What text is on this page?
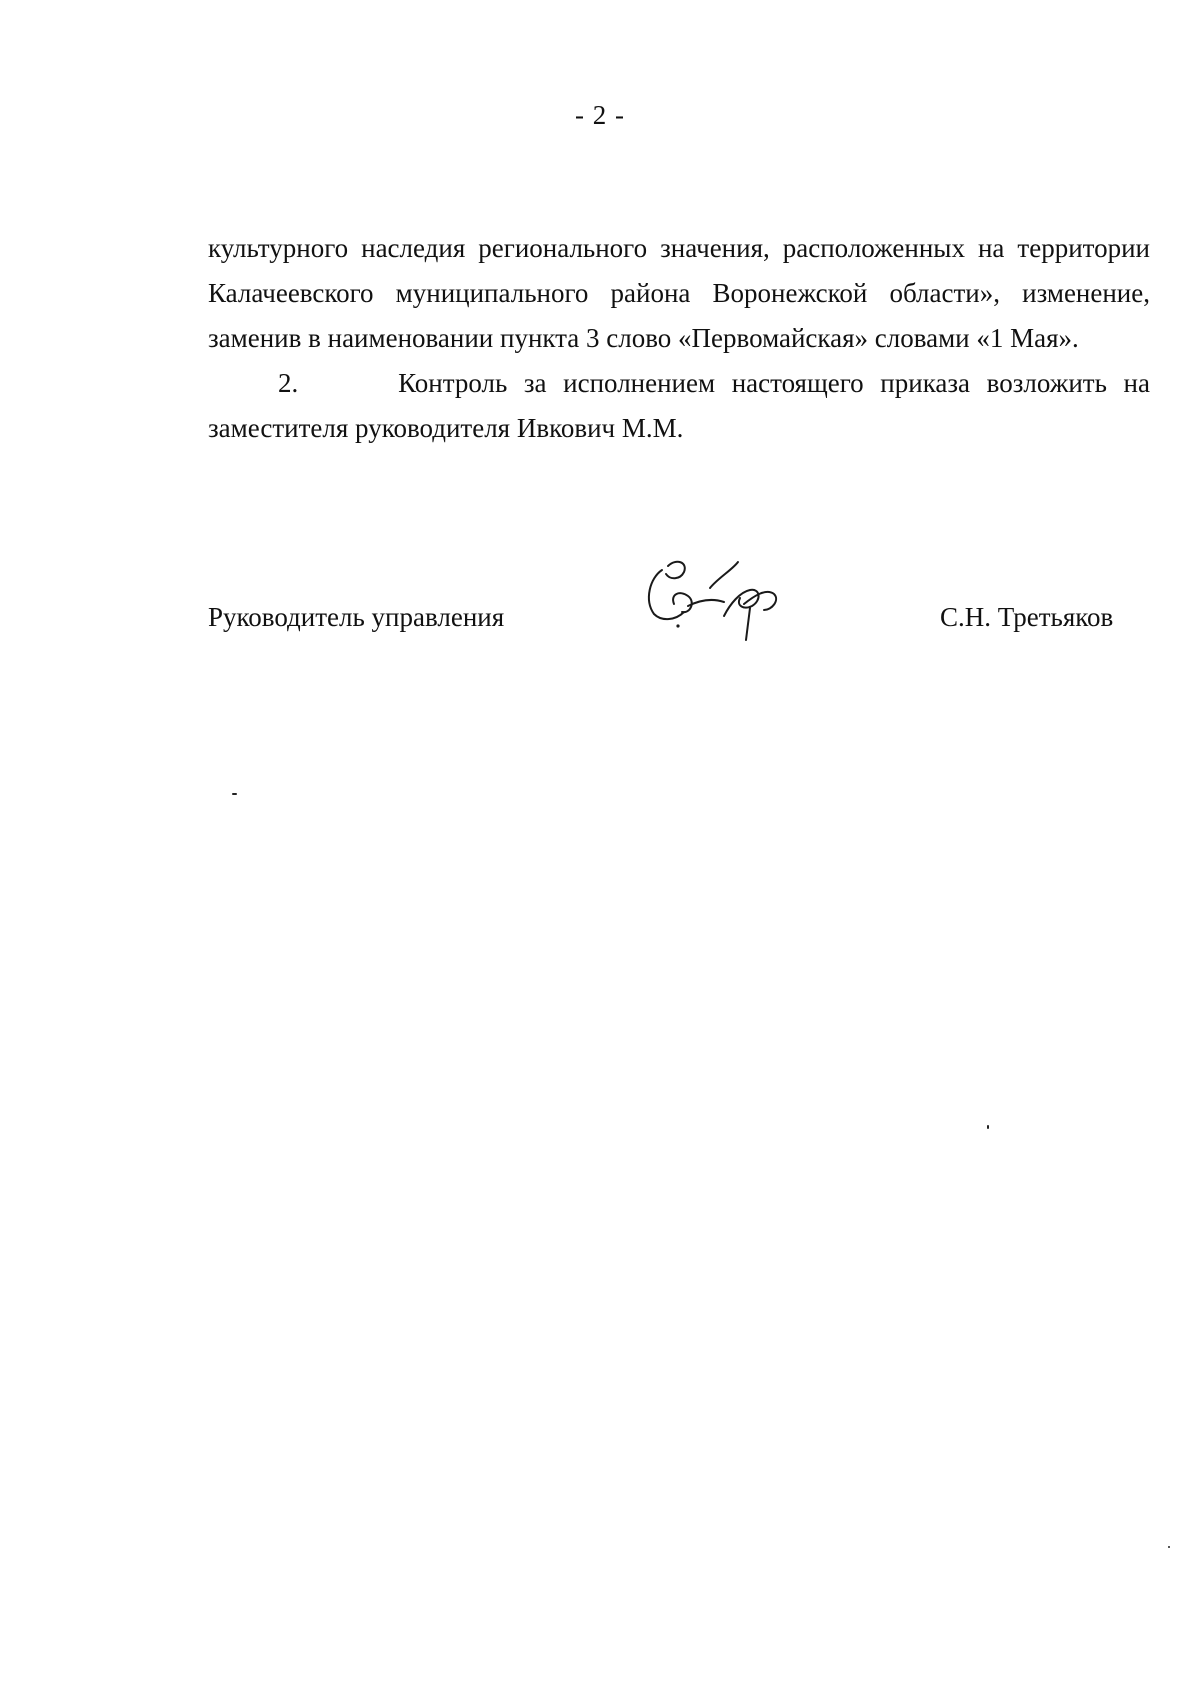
- 2 -

культурного наследия регионального значения, расположенных на территории Калачеевского муниципального района Воронежской области», изменение, заменив в наименовании пункта 3 слово «Первомайская» словами «1 Мая».

2.      Контроль за исполнением настоящего приказа возложить на заместителя руководителя Ивкович М.М.

Руководитель управления	С.Н. Третьяков
